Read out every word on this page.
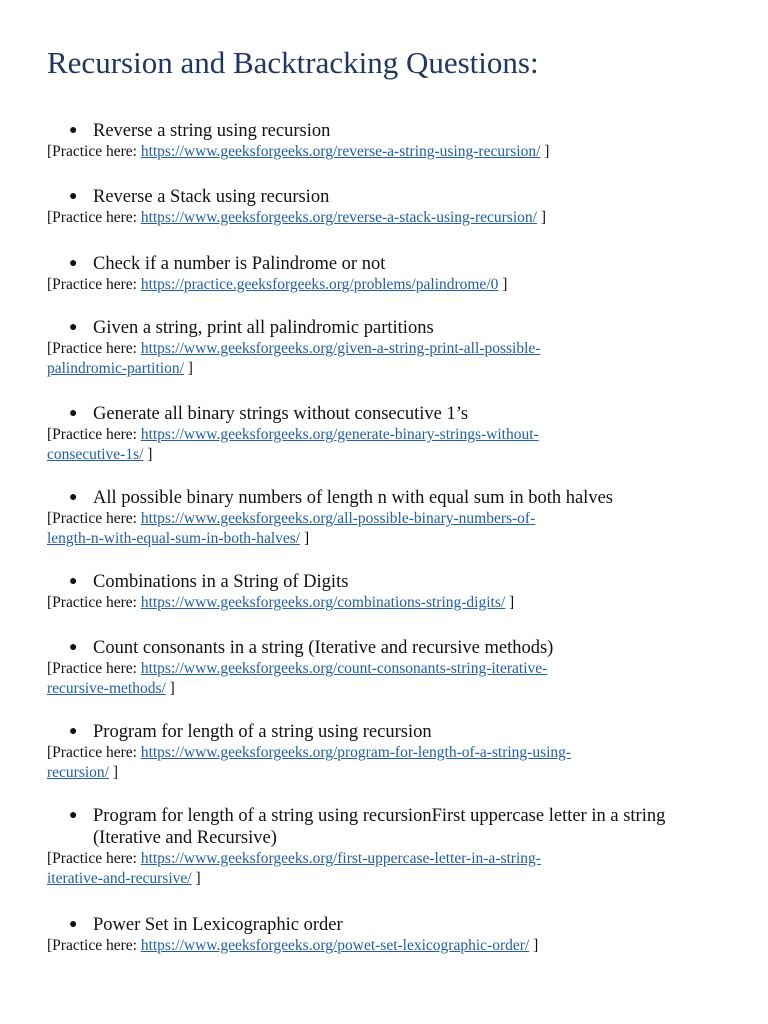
Recursion and Backtracking Questions:
● Reverse a string using recursion
[Practice here: https://www.geeksforgeeks.org/reverse-a-string-using-recursion/ ]
● Reverse a Stack using recursion
[Practice here: https://www.geeksforgeeks.org/reverse-a-stack-using-recursion/ ]
● Check if a number is Palindrome or not
[Practice here: https://practice.geeksforgeeks.org/problems/palindrome/0 ]
● Given a string, print all palindromic partitions
[Practice here: https://www.geeksforgeeks.org/given-a-string-print-all-possible-
palindromic-partition/ ]
● Generate all binary strings without consecutive 1’s
[Practice here: https://www.geeksforgeeks.org/generate-binary-strings-without-
consecutive-1s/ ]
● All possible binary numbers of length n with equal sum in both halves
[Practice here: https://www.geeksforgeeks.org/all-possible-binary-numbers-of-
length-n-with-equal-sum-in-both-halves/ ]
● Combinations in a String of Digits
[Practice here: https://www.geeksforgeeks.org/combinations-string-digits/ ]
● Count consonants in a string (Iterative and recursive methods)
[Practice here: https://www.geeksforgeeks.org/count-consonants-string-iterative-
recursive-methods/ ]
● Program for length of a string using recursion
[Practice here: https://www.geeksforgeeks.org/program-for-length-of-a-string-using-
recursion/ ]
● Program for length of a string using recursionFirst uppercase letter in a string (Iterative and Recursive)
[Practice here: https://www.geeksforgeeks.org/first-uppercase-letter-in-a-string-
iterative-and-recursive/ ]
● Power Set in Lexicographic order
[Practice here: https://www.geeksforgeeks.org/powet-set-lexicographic-order/ ]
